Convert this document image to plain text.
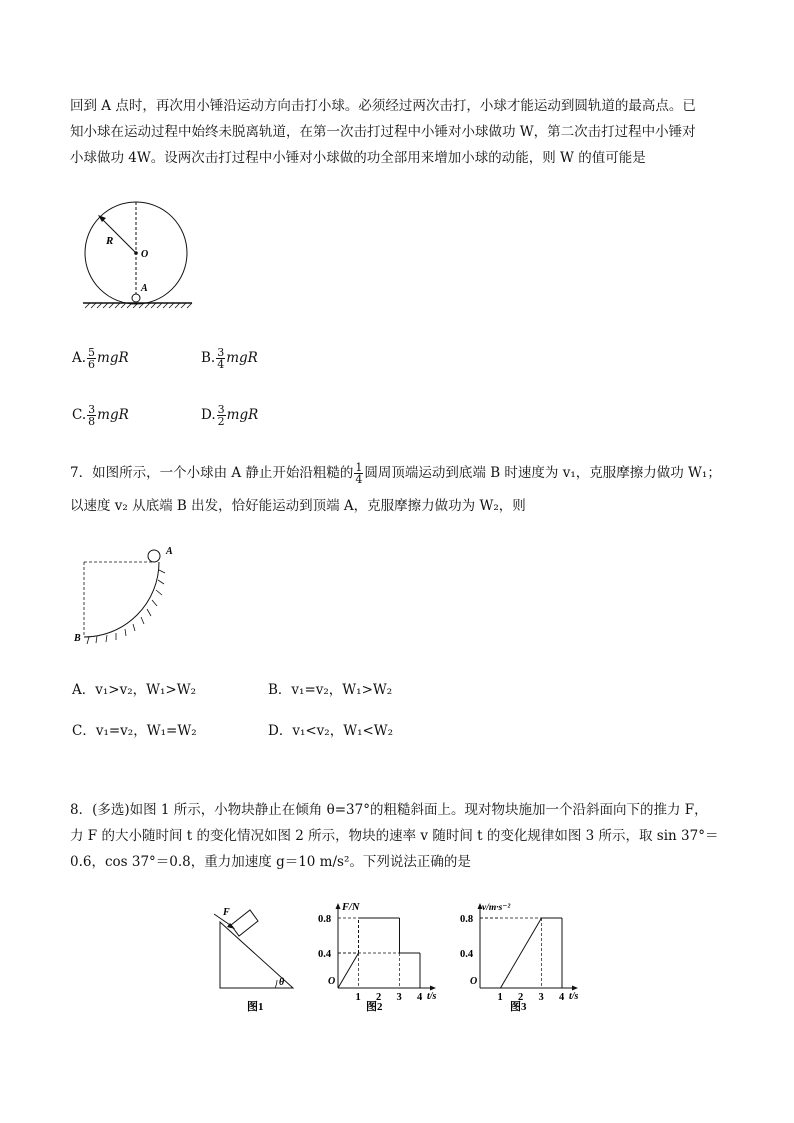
回到 A 点时，再次用小锤沿运动方向击打小球。必须经过两次击打，小球才能运动到圆轨道的最高点。已
知小球在运动过程中始终未脱离轨道，在第一次击打过程中小锤对小球做功 W，第二次击打过程中小锤对
小球做功 4W。设两次击打过程中小锤对小球做的功全部用来增加小球的动能，则 W 的值可能是
R
O
A
A. $\frac{5}{6}$ mgR	B. $\frac{3}{4}$ mgR
C. $\frac{3}{8}$ mgR	D. $\frac{3}{2}$ mgR
7．如图所示，一个小球由 A 静止开始沿粗糙的 $\frac{1}{4}$ 圆周顶端运动到底端 B 时速度为 v₁，克服摩擦力做功 W₁；
以速度 v₂ 从底端 B 出发，恰好能运动到顶端 A，克服摩擦力做功为 W₂，则
A
B
A．v₁>v₂，W₁>W₂	B．v₁=v₂，W₁>W₂
C．v₁=v₂，W₁=W₂	D．v₁<v₂，W₁<W₂
8．(多选)如图 1 所示，小物块静止在倾角 θ=37°的粗糙斜面上。现对物块施加一个沿斜面向下的推力 F，
力 F 的大小随时间 t 的变化情况如图 2 所示，物块的速率 v 随时间 t 的变化规律如图 3 所示，取 sin 37°＝
0.6，cos 37°＝0.8，重力加速度 g＝10 m/s²。下列说法正确的是
F
θ
图1
1 2 3 4
0.4
0.8
O
F/N
t/s
图2
1 2 3 4
0.4
0.8
O
v/m·s⁻²
t/s
图3
